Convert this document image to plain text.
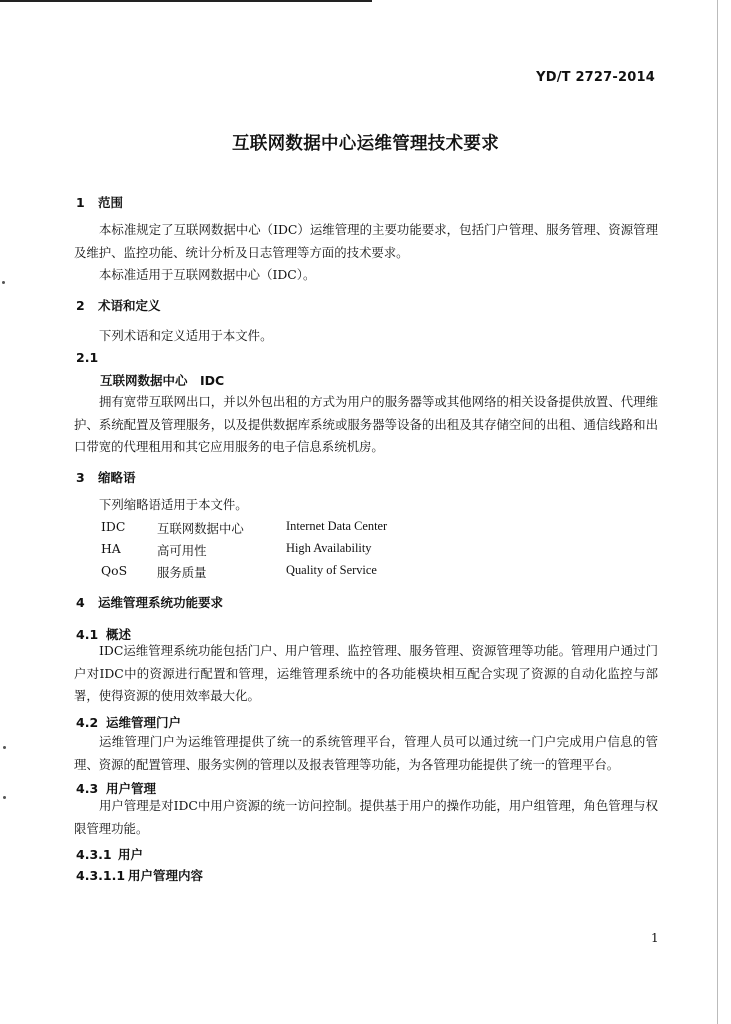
YD/T 2727-2014
互联网数据中心运维管理技术要求
1 范围
本标准规定了互联网数据中心（IDC）运维管理的主要功能要求，包括门户管理、服务管理、资源管理及维护、监控功能、统计分析及日志管理等方面的技术要求。
本标准适用于互联网数据中心（IDC）。
2 术语和定义
下列术语和定义适用于本文件。
2.1
互联网数据中心　IDC
拥有宽带互联网出口，并以外包出租的方式为用户的服务器等或其他网络的相关设备提供放置、代理维护、系统配置及管理服务，以及提供数据库系统或服务器等设备的出租及其存储空间的出租、通信线路和出口带宽的代理租用和其它应用服务的电子信息系统机房。
3 缩略语
下列缩略语适用于本文件。
IDC	互联网数据中心	Internet Data Center
HA	高可用性	High Availability
QoS 服务质量	Quality of Service
4 运维管理系统功能要求
4.1 概述
IDC运维管理系统功能包括门户、用户管理、监控管理、服务管理、资源管理等功能。管理用户通过门户对IDC中的资源进行配置和管理，运维管理系统中的各功能模块相互配合实现了资源的自动化监控与部署，使得资源的使用效率最大化。
4.2 运维管理门户
运维管理门户为运维管理提供了统一的系统管理平台，管理人员可以通过统一门户完成用户信息的管理、资源的配置管理、服务实例的管理以及报表管理等功能，为各管理功能提供了统一的管理平台。
4.3 用户管理
用户管理是对IDC中用户资源的统一访问控制。提供基于用户的操作功能，用户组管理，角色管理与权限管理功能。
4.3.1 用户
4.3.1.1 用户管理内容
1
